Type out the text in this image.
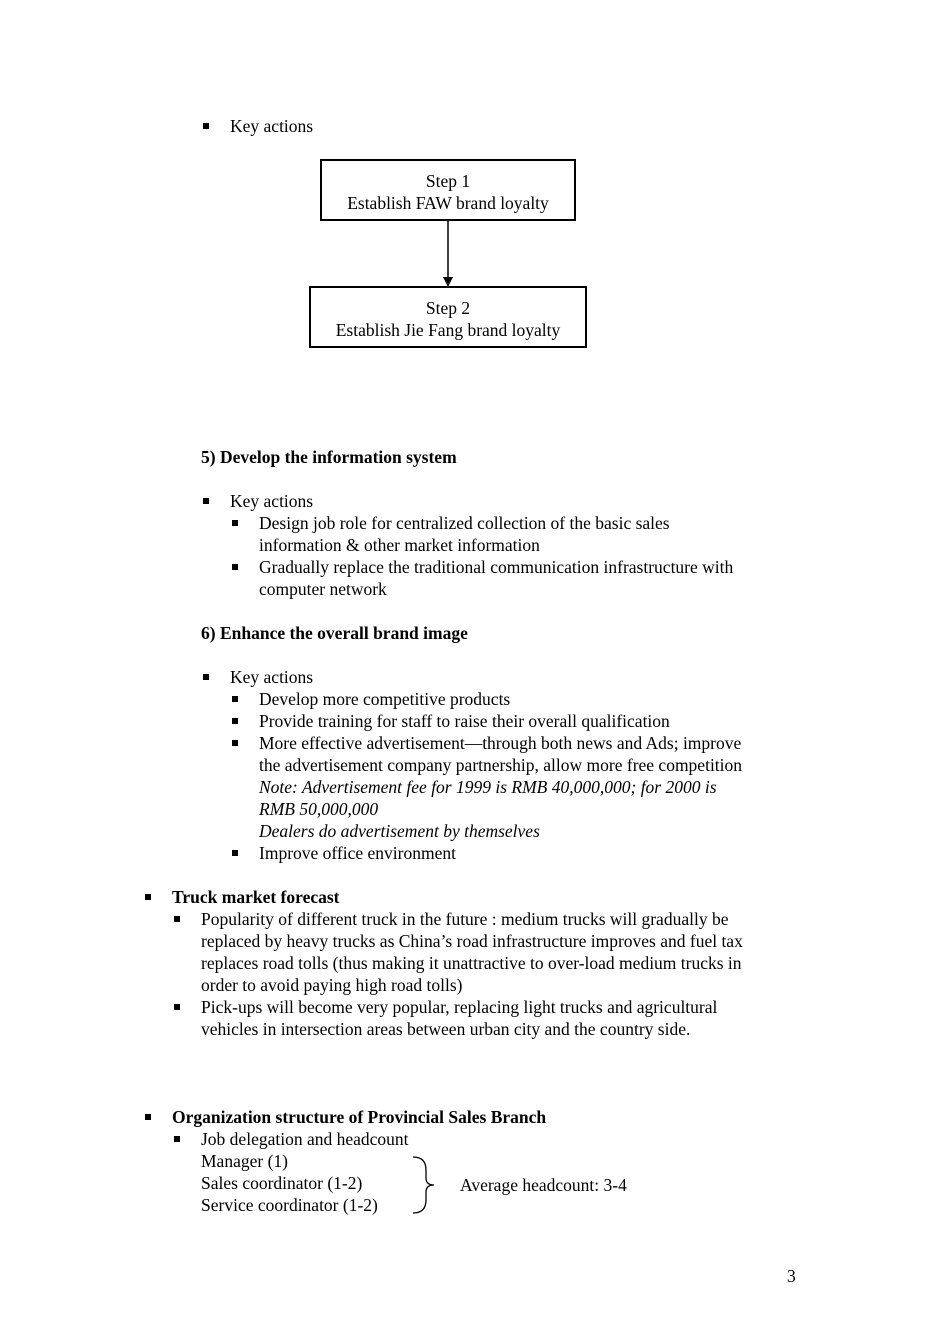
Key actions
Step 1
Establish FAW brand loyalty
Step 2
Establish Jie Fang brand loyalty
5) Develop the information system
Key actions
Design job role for centralized collection of the basic sales
information & other market information
Gradually replace the traditional communication infrastructure with
computer network
6) Enhance the overall brand image
Key actions
Develop more competitive products
Provide training for staff to raise their overall qualification
More effective advertisement—through both news and Ads; improve
the advertisement company partnership, allow more free competition
Note: Advertisement fee for 1999 is RMB 40,000,000; for 2000 is
RMB 50,000,000
Dealers do advertisement by themselves
Improve office environment
Truck market forecast
Popularity of different truck in the future : medium trucks will gradually be
replaced by heavy trucks as China’s road infrastructure improves and fuel tax
replaces road tolls (thus making it unattractive to over-load medium trucks in
order to avoid paying high road tolls)
Pick-ups will become very popular, replacing light trucks and agricultural
vehicles in intersection areas between urban city and the country side.
Organization structure of Provincial Sales Branch
Job delegation and headcount
Manager (1)
Sales coordinator (1-2)
Service coordinator (1-2)
Average headcount: 3-4
3
